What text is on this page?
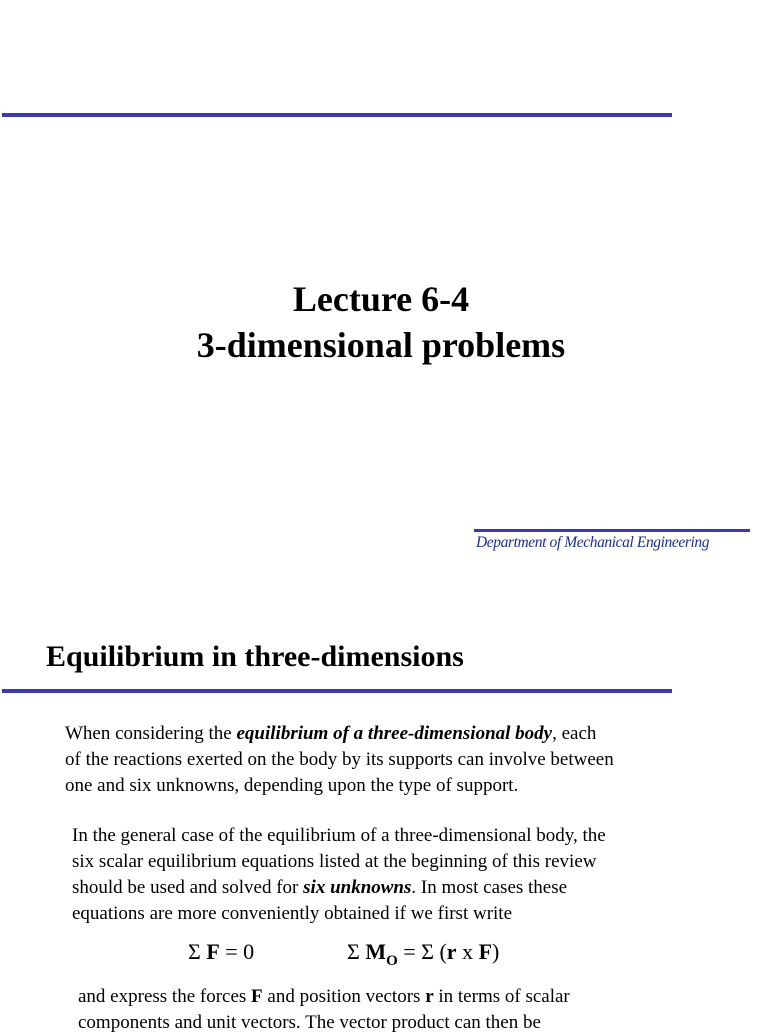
Lecture 6-4
3-dimensional problems
Department of Mechanical Engineering
Equilibrium in three-dimensions
When considering the equilibrium of a three-dimensional body, each
of the reactions exerted on the body by its supports can involve between
one and six unknowns, depending upon the type of support.
In the general case of the equilibrium of a three-dimensional body, the
six scalar equilibrium equations listed at the beginning of this review
should be used and solved for six unknowns. In most cases these
equations are more conveniently obtained if we first write
Σ F = 0	Σ $M_O = \Sigma$ (r x F)
and express the forces F and position vectors r in terms of scalar
components and unit vectors. The vector product can then be
